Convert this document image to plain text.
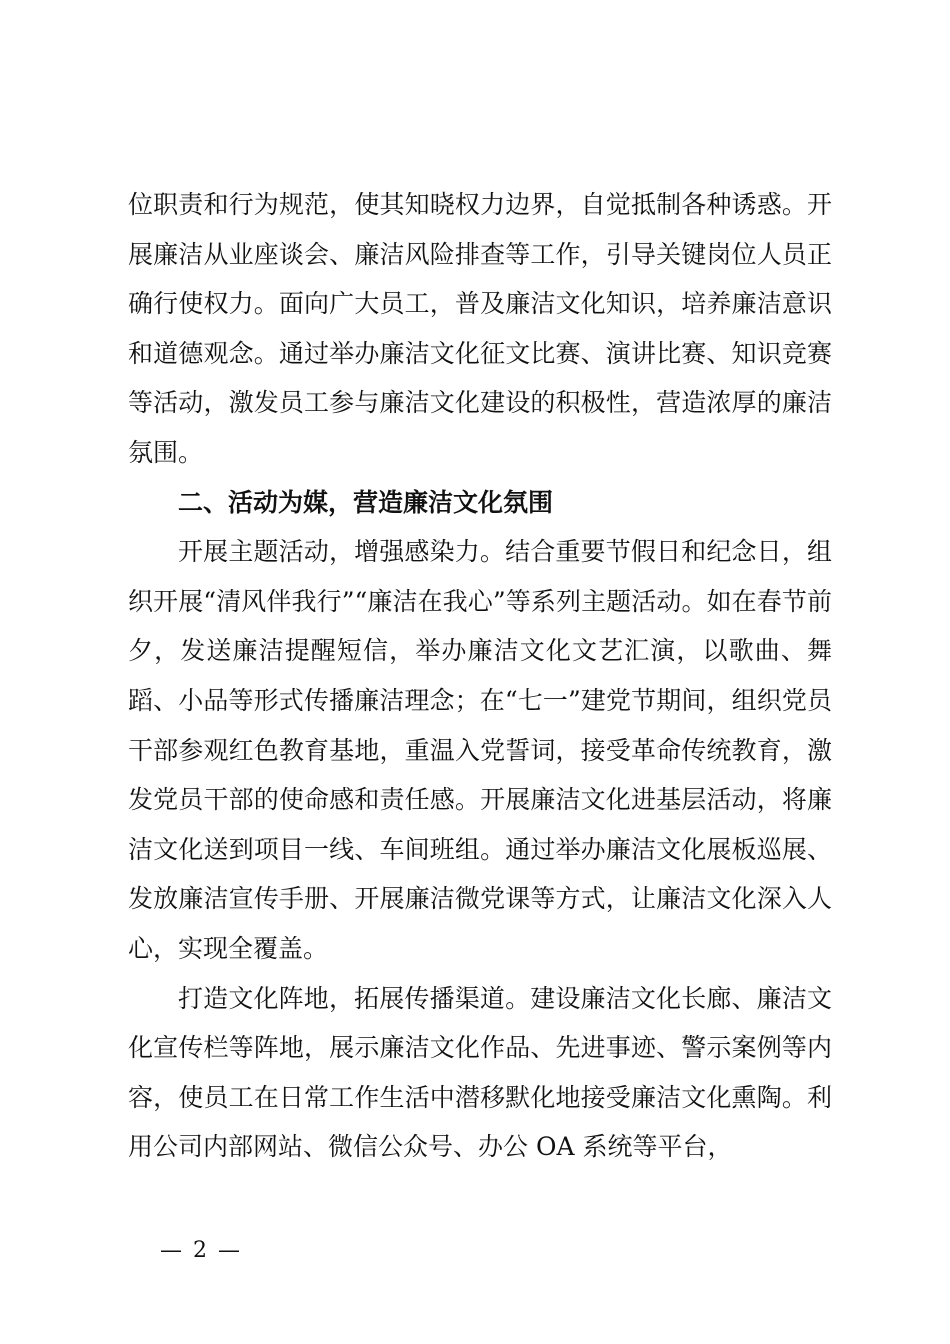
位职责和行为规范，使其知晓权力边界，自觉抵制各种诱惑。开展廉洁从业座谈会、廉洁风险排查等工作，引导关键岗位人员正确行使权力。面向广大员工，普及廉洁文化知识，培养廉洁意识和道德观念。通过举办廉洁文化征文比赛、演讲比赛、知识竞赛等活动，激发员工参与廉洁文化建设的积极性，营造浓厚的廉洁氛围。

二、活动为媒，营造廉洁文化氛围

开展主题活动，增强感染力。结合重要节假日和纪念日，组织开展“清风伴我行”“廉洁在我心”等系列主题活动。如在春节前夕，发送廉洁提醒短信，举办廉洁文化文艺汇演，以歌曲、舞蹈、小品等形式传播廉洁理念；在“七一”建党节期间，组织党员干部参观红色教育基地，重温入党誓词，接受革命传统教育，激发党员干部的使命感和责任感。开展廉洁文化进基层活动，将廉洁文化送到项目一线、车间班组。通过举办廉洁文化展板巡展、发放廉洁宣传手册、开展廉洁微党课等方式，让廉洁文化深入人心，实现全覆盖。

打造文化阵地，拓展传播渠道。建设廉洁文化长廊、廉洁文化宣传栏等阵地，展示廉洁文化作品、先进事迹、警示案例等内容，使员工在日常工作生活中潜移默化地接受廉洁文化熏陶。利用公司内部网站、微信公众号、办公 OA 系统等平台，

— 2 —
